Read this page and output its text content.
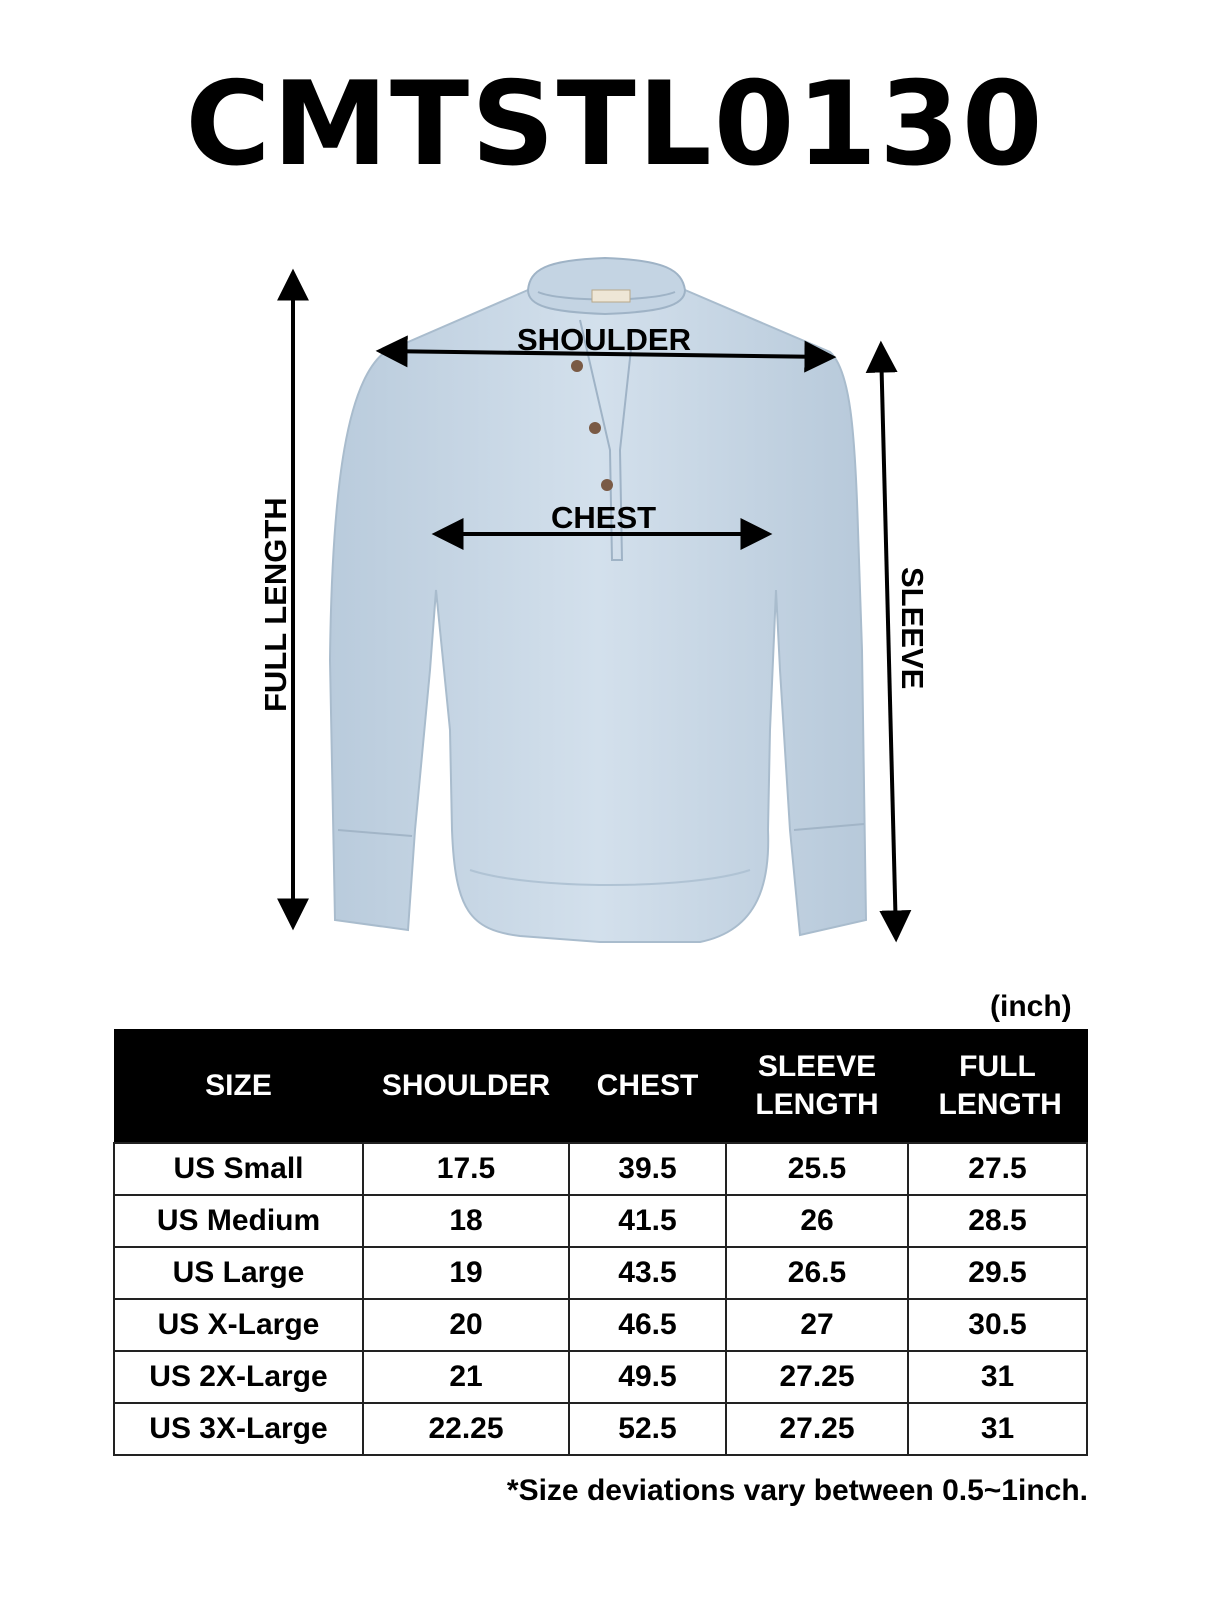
CMTSTL0130
SHOULDER
CHEST
FULL LENGTH	SLEEVE
(inch)
SIZE	SHOULDER	CHEST	SLEEVE LENGTH	FULL LENGTH
US Small	17.5	39.5	25.5	27.5
US Medium	18	41.5	26	28.5
US Large	19	43.5	26.5	29.5
US X-Large	20	46.5	27	30.5
US 2X-Large	21	49.5	27.25	31
US 3X-Large	22.25	52.5	27.25	31
*Size deviations vary between 0.5~1inch.
